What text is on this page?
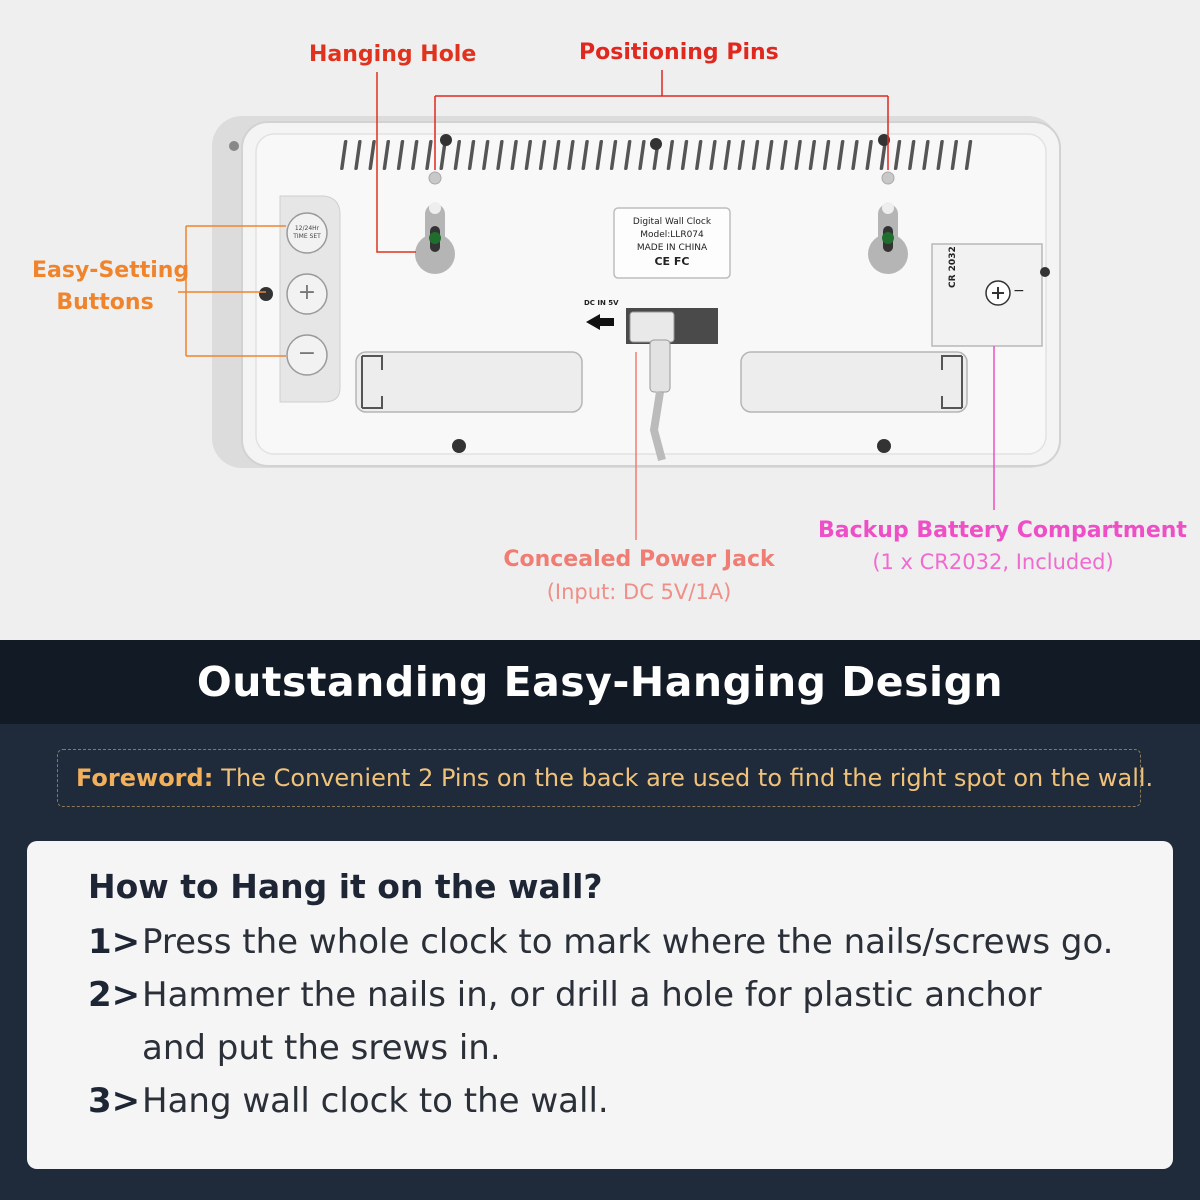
Digital Wall Clock
Model:LLR074
MADE IN CHINA
CE FC
12/24Hr
TIME SET
+
−
DC IN 5V
CR 2032
−
Hanging Hole	Positioning Pins
Easy-Setting
Buttons
Concealed Power Jack
(Input: DC 5V/1A)
Backup Battery Compartment
(1 x CR2032, Included)
Outstanding Easy-Hanging Design
Foreword: The Convenient 2 Pins on the back are used to find the right spot on the wall.
How to Hang it on the wall?
1> Press the whole clock to mark where the nails/screws go.
2> Hammer the nails in, or drill a hole for plastic anchor
and put the srews in.
3> Hang wall clock to the wall.
